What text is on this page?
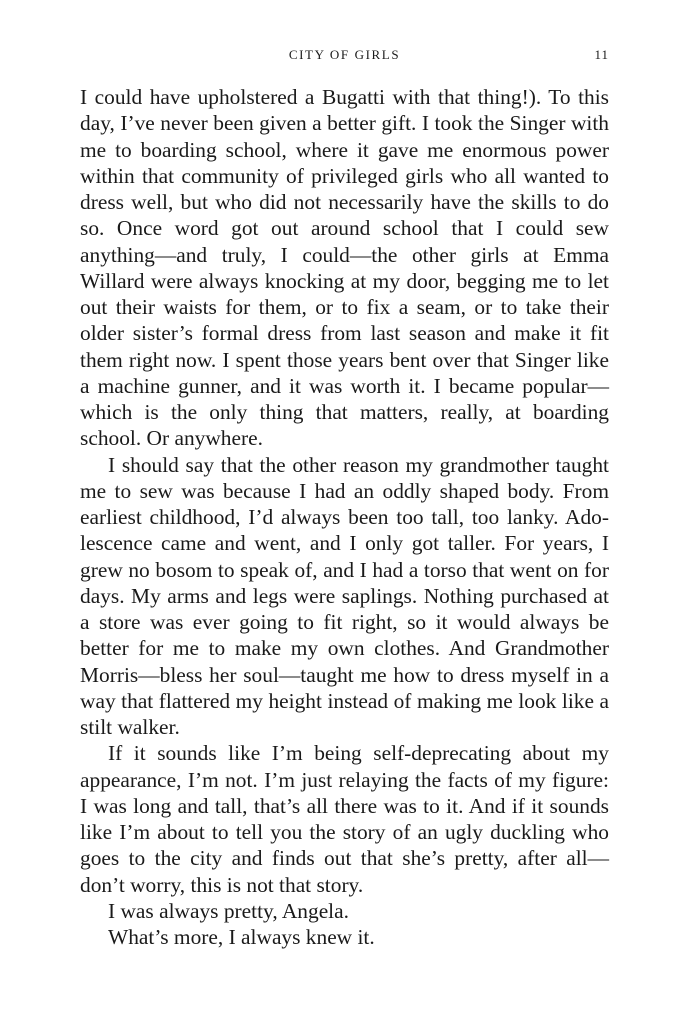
CITY OF GIRLS	11

I could have upholstered a Bugatti with that thing!). To this day, I’ve never been given a better gift. I took the Singer with me to boarding school, where it gave me enormous power within that community of privileged girls who all wanted to dress well, but who did not necessarily have the skills to do so. Once word got out around school that I could sew anything—and truly, I could—the other girls at Emma Willard were always knocking at my door, begging me to let out their waists for them, or to fix a seam, or to take their older sister’s formal dress from last season and make it fit them right now. I spent those years bent over that Singer like a machine gunner, and it was worth it. I became popular—which is the only thing that matters, really, at boarding school. Or anywhere.

I should say that the other reason my grandmother taught me to sew was because I had an oddly shaped body. From earliest childhood, I’d always been too tall, too lanky. Adolescence came and went, and I only got taller. For years, I grew no bosom to speak of, and I had a torso that went on for days. My arms and legs were saplings. Nothing purchased at a store was ever going to fit right, so it would always be better for me to make my own clothes. And Grandmother Morris—bless her soul—taught me how to dress myself in a way that flattered my height instead of making me look like a stilt walker.

If it sounds like I’m being self-deprecating about my appearance, I’m not. I’m just relaying the facts of my figure: I was long and tall, that’s all there was to it. And if it sounds like I’m about to tell you the story of an ugly duckling who goes to the city and finds out that she’s pretty, after all—don’t worry, this is not that story.

I was always pretty, Angela.

What’s more, I always knew it.
